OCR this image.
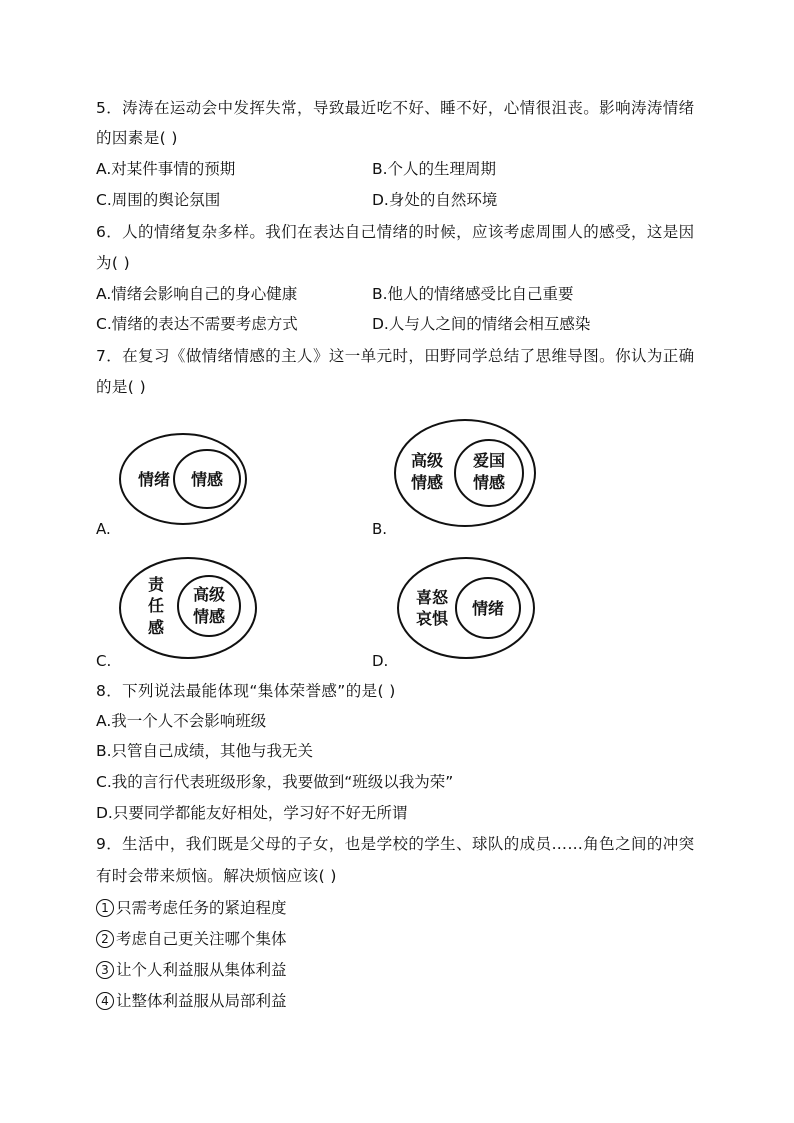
5．涛涛在运动会中发挥失常，导致最近吃不好、睡不好，心情很沮丧。影响涛涛情绪
的因素是( )
A.对某件事情的预期	B.个人的生理周期
C.周围的舆论氛围	D.身处的自然环境
6．人的情绪复杂多样。我们在表达自己情绪的时候，应该考虑周围人的感受，这是因
为( )
A.情绪会影响自己的身心健康	B.他人的情绪感受比自己重要
C.情绪的表达不需要考虑方式	D.人与人之间的情绪会相互感染
7．在复习《做情绪情感的主人》这一单元时，田野同学总结了思维导图。你认为正确
的是( )
情绪 情感
A.
高级
情感
爱国
情感
B.
责
任
感
高级
情感
C.
喜怒
哀惧
情绪
D.
8．下列说法最能体现“集体荣誉感”的是( )
A.我一个人不会影响班级
B.只管自己成绩，其他与我无关
C.我的言行代表班级形象，我要做到“班级以我为荣”
D.只要同学都能友好相处，学习好不好无所谓
9．生活中，我们既是父母的子女，也是学校的学生、球队的成员……角色之间的冲突
有时会带来烦恼。解决烦恼应该( )
1 只需考虑任务的紧迫程度
2 考虑自己更关注哪个集体
3 让个人利益服从集体利益
4 让整体利益服从局部利益
